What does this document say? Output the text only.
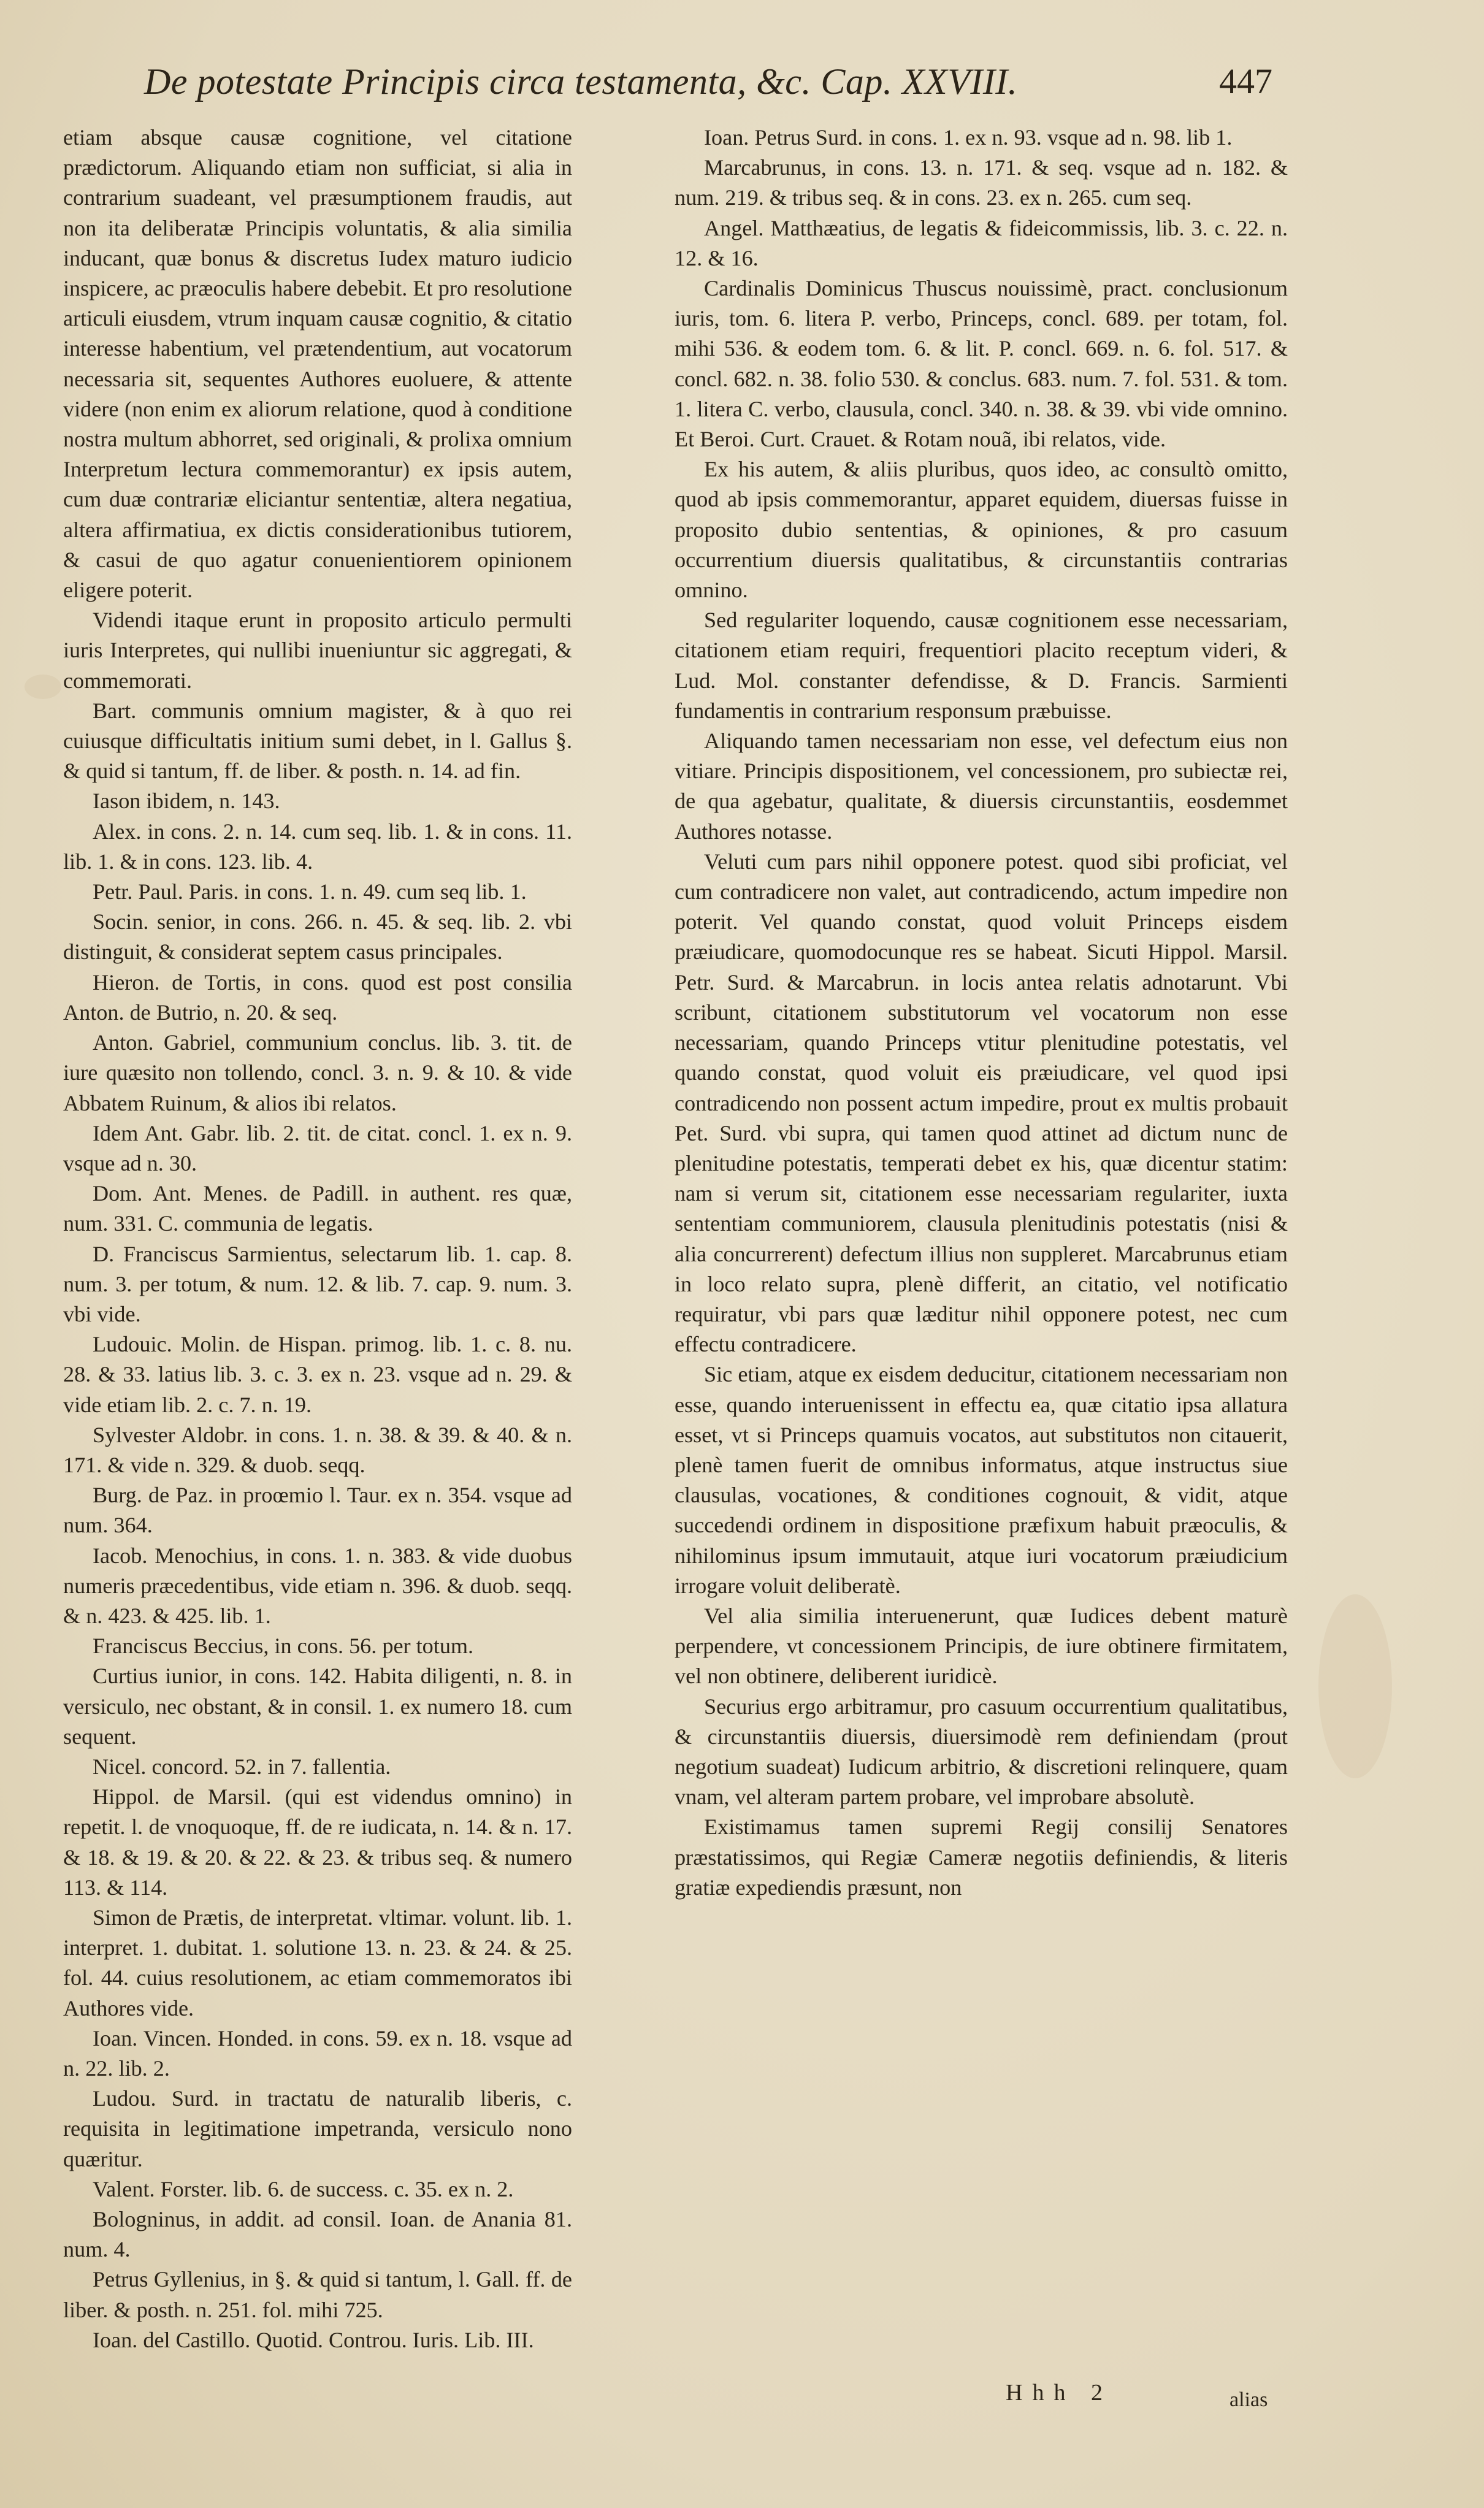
De potestate Principis circa testamenta, &c. Cap. XXVIII.	447

etiam absque causæ cognitione, vel citatione prædictorum. Aliquando etiam non sufficiat, si alia in contrarium suadeant, vel præsumptionem fraudis, aut non ita deliberatæ Principis voluntatis, & alia similia inducant, quæ bonus & discretus Iudex maturo iudicio inspicere, ac præoculis habere debebit. Et pro resolutione articuli eiusdem, vtrum inquam causæ cognitio, & citatio interesse habentium, vel prætendentium, aut vocatorum necessaria sit, sequentes Authores euoluere, & attente videre (non enim ex aliorum relatione, quod à conditione nostra multum abhorret, sed originali, & prolixa omnium Interpretum lectura commemorantur) ex ipsis autem, cum duæ contrariæ eliciantur sententiæ, altera negatiua, altera affirmatiua, ex dictis considerationibus tutiorem, & casui de quo agatur conuenientiorem opinionem eligere poterit.

Videndi itaque erunt in proposito articulo permulti iuris Interpretes, qui nullibi inueniuntur sic aggregati, & commemorati.

Bart. communis omnium magister, & à quo rei cuiusque difficultatis initium sumi debet, in l. Gallus §. & quid si tantum, ff. de liber. & posth. n. 14. ad fin.

Iason ibidem, n. 143.

Alex. in cons. 2. n. 14. cum seq. lib. 1. & in cons. 11. lib. 1. & in cons. 123. lib. 4.

Petr. Paul. Paris. in cons. 1. n. 49. cum seq lib. 1.

Socin. senior, in cons. 266. n. 45. & seq. lib. 2. vbi distinguit, & considerat septem casus principales.

Hieron. de Tortis, in cons. quod est post consilia Anton. de Butrio, n. 20. & seq.

Anton. Gabriel, communium conclus. lib. 3. tit. de iure quæsito non tollendo, concl. 3. n. 9. & 10. & vide Abbatem Ruinum, & alios ibi relatos.

Idem Ant. Gabr. lib. 2. tit. de citat. concl. 1. ex n. 9. vsque ad n. 30.

Dom. Ant. Menes. de Padill. in authent. res quæ, num. 331. C. communia de legatis.

D. Franciscus Sarmientus, selectarum lib. 1. cap. 8. num. 3. per totum, & num. 12. & lib. 7. cap. 9. num. 3. vbi vide.

Ludouic. Molin. de Hispan. primog. lib. 1. c. 8. nu. 28. & 33. latius lib. 3. c. 3. ex n. 23. vsque ad n. 29. & vide etiam lib. 2. c. 7. n. 19.

Sylvester Aldobr. in cons. 1. n. 38. & 39. & 40. & n. 171. & vide n. 329. & duob. seqq.

Burg. de Paz. in proœmio l. Taur. ex n. 354. vsque ad num. 364.

Iacob. Menochius, in cons. 1. n. 383. & vide duobus numeris præcedentibus, vide etiam n. 396. & duob. seqq. & n. 423. & 425. lib. 1.

Franciscus Beccius, in cons. 56. per totum.

Curtius iunior, in cons. 142. Habita diligenti, n. 8. in versiculo, nec obstant, & in consil. 1. ex numero 18. cum sequent.

Nicel. concord. 52. in 7. fallentia.

Hippol. de Marsil. (qui est videndus omnino) in repetit. l. de vnoquoque, ff. de re iudicata, n. 14. & n. 17. & 18. & 19. & 20. & 22. & 23. & tribus seq. & numero 113. & 114.

Simon de Prætis, de interpretat. vltimar. volunt. lib. 1. interpret. 1. dubitat. 1. solutione 13. n. 23. & 24. & 25. fol. 44. cuius resolutionem, ac etiam commemoratos ibi Authores vide.

Ioan. Vincen. Honded. in cons. 59. ex n. 18. vsque ad n. 22. lib. 2.

Ludou. Surd. in tractatu de naturalib liberis, c. requisita in legitimatione impetranda, versiculo nono quæritur.

Valent. Forster. lib. 6. de success. c. 35. ex n. 2.

Bologninus, in addit. ad consil. Ioan. de Anania 81. num. 4.

Petrus Gyllenius, in §. & quid si tantum, l. Gall. ff. de liber. & posth. n. 251. fol. mihi 725.

Ioan. del Castillo. Quotid. Controu. Iuris. Lib. III.

Ioan. Petrus Surd. in cons. 1. ex n. 93. vsque ad n. 98. lib 1.

Marcabrunus, in cons. 13. n. 171. & seq. vsque ad n. 182. & num. 219. & tribus seq. & in cons. 23. ex n. 265. cum seq.

Angel. Matthæatius, de legatis & fideicommissis, lib. 3. c. 22. n. 12. & 16.

Cardinalis Dominicus Thuscus nouissimè, pract. conclusionum iuris, tom. 6. litera P. verbo, Princeps, concl. 689. per totam, fol. mihi 536. & eodem tom. 6. & lit. P. concl. 669. n. 6. fol. 517. & concl. 682. n. 38. folio 530. & conclus. 683. num. 7. fol. 531. & tom. 1. litera C. verbo, clausula, concl. 340. n. 38. & 39. vbi vide omnino. Et Beroi. Curt. Crauet. & Rotam nouã, ibi relatos, vide.

Ex his autem, & aliis pluribus, quos ideo, ac consultò omitto, quod ab ipsis commemorantur, apparet equidem, diuersas fuisse in proposito dubio sententias, & opiniones, & pro casuum occurrentium diuersis qualitatibus, & circunstantiis contrarias omnino.

Sed regulariter loquendo, causæ cognitionem esse necessariam, citationem etiam requiri, frequentiori placito receptum videri, & Lud. Mol. constanter defendisse, & D. Francis. Sarmienti fundamentis in contrarium responsum præbuisse.

Aliquando tamen necessariam non esse, vel defectum eius non vitiare. Principis dispositionem, vel concessionem, pro subiectæ rei, de qua agebatur, qualitate, & diuersis circunstantiis, eosdemmet Authores notasse.

Veluti cum pars nihil opponere potest. quod sibi proficiat, vel cum contradicere non valet, aut contradicendo, actum impedire non poterit. Vel quando constat, quod voluit Princeps eisdem præiudicare, quomodocunque res se habeat. Sicuti Hippol. Marsil. Petr. Surd. & Marcabrun. in locis antea relatis adnotarunt. Vbi scribunt, citationem substitutorum vel vocatorum non esse necessariam, quando Princeps vtitur plenitudine potestatis, vel quando constat, quod voluit eis præiudicare, vel quod ipsi contradicendo non possent actum impedire, prout ex multis probauit Pet. Surd. vbi supra, qui tamen quod attinet ad dictum nunc de plenitudine potestatis, temperati debet ex his, quæ dicentur statim: nam si verum sit, citationem esse necessariam regulariter, iuxta sententiam communiorem, clausula plenitudinis potestatis (nisi & alia concurrerent) defectum illius non suppleret. Marcabrunus etiam in loco relato supra, plenè differit, an citatio, vel notificatio requiratur, vbi pars quæ læditur nihil opponere potest, nec cum effectu contradicere.

Sic etiam, atque ex eisdem deducitur, citationem necessariam non esse, quando interuenissent in effectu ea, quæ citatio ipsa allatura esset, vt si Princeps quamuis vocatos, aut substitutos non citauerit, plenè tamen fuerit de omnibus informatus, atque instructus siue clausulas, vocationes, & conditiones cognouit, & vidit, atque succedendi ordinem in dispositione præfixum habuit præoculis, & nihilominus ipsum immutauit, atque iuri vocatorum præiudicium irrogare voluit deliberatè.

Vel alia similia interuenerunt, quæ Iudices debent maturè perpendere, vt concessionem Principis, de iure obtinere firmitatem, vel non obtinere, deliberent iuridicè.

Securius ergo arbitramur, pro casuum occurrentium qualitatibus, & circunstantiis diuersis, diuersimodè rem definiendam (prout negotium suadeat) Iudicum arbitrio, & discretioni relinquere, quam vnam, vel alteram partem probare, vel improbare absolutè.

Existimamus tamen supremi Regij consilij Senatores præstatissimos, qui Regiæ Cameræ negotiis definiendis, & literis gratiæ expediendis præsunt, non

Hhh 2	alias
